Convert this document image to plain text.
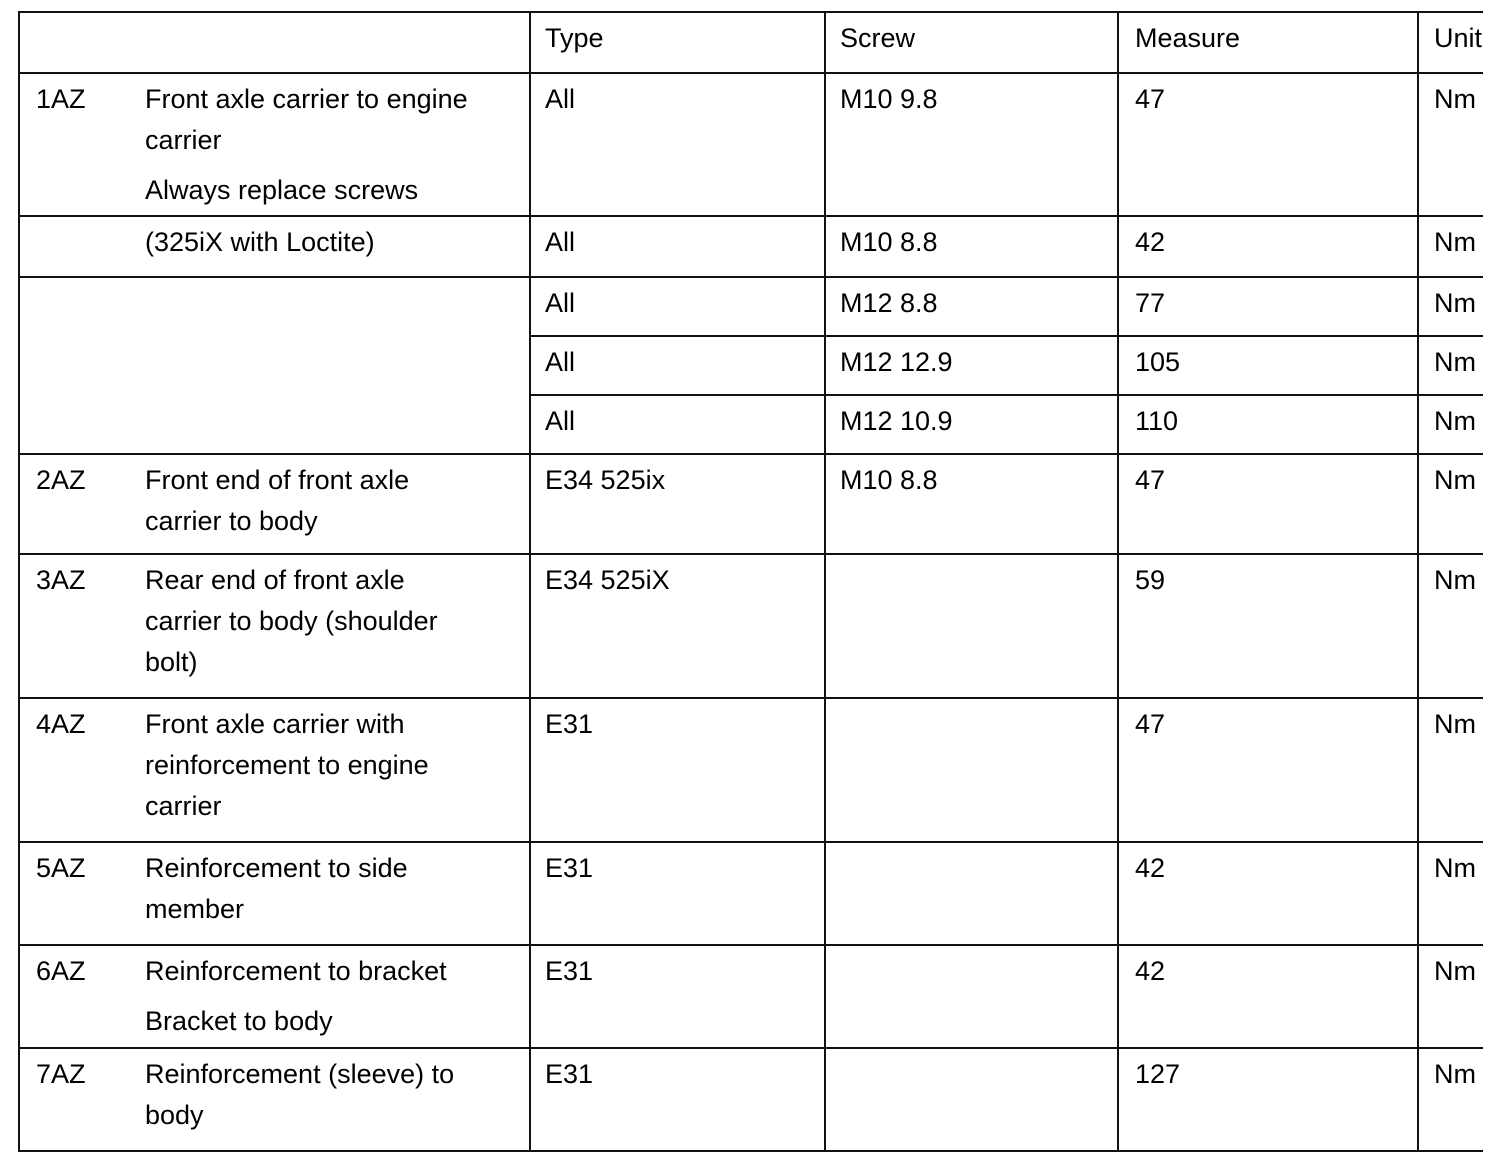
		Type	Screw	Measure	Unit
1AZ	Front axle carrier to engine
carrier
Always replace screws	All	M10 9.8	47	Nm

	(325iX with Loctite)	All	M10 8.8	42	Nm
		All	M12 8.8	77	Nm
		All	M12 12.9	105	Nm
		All	M12 10.9	110	Nm
2AZ	Front end of front axle
carrier to body	E34 525ix	M10 8.8	47	Nm
3AZ	Rear end of front axle
carrier to body (shoulder
bolt)	E34 525iX		59	Nm
4AZ	Front axle carrier with
reinforcement to engine
carrier	E31		47	Nm
5AZ	Reinforcement to side
member	E31		42	Nm
6AZ	Reinforcement to bracket
Bracket to body	E31		42	Nm
7AZ	Reinforcement (sleeve) to
body	E31		127	Nm
